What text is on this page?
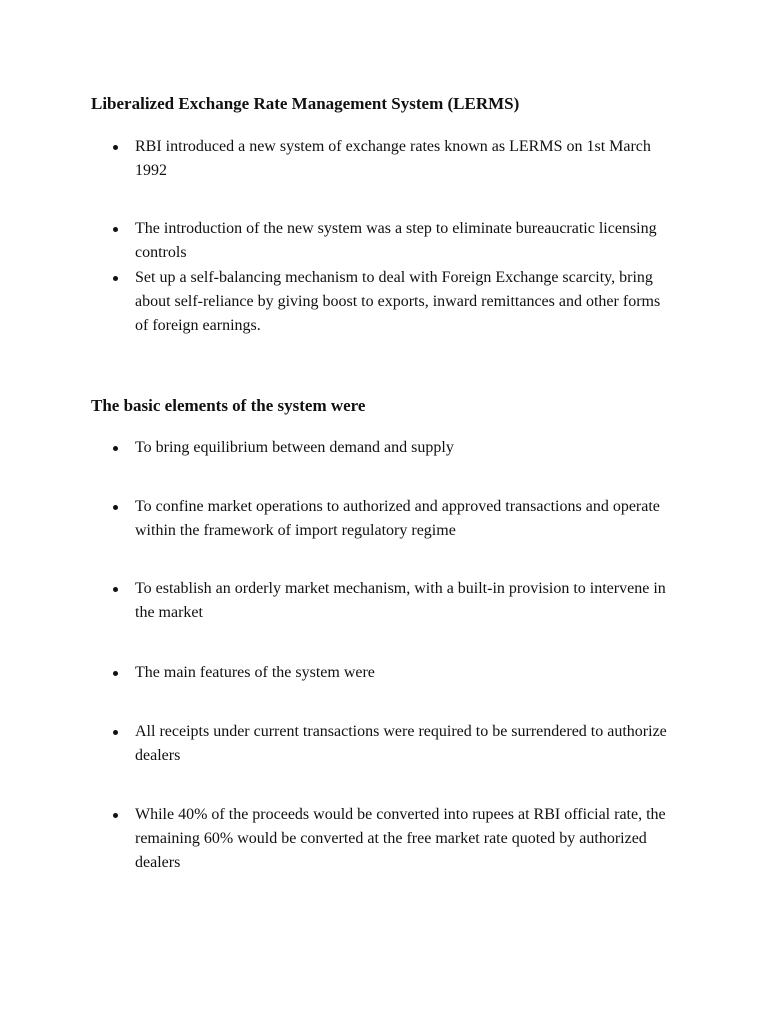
Liberalized Exchange Rate Management System (LERMS)
RBI introduced a new system of exchange rates known as LERMS on 1st March 1992
The introduction of the new system was a step to eliminate bureaucratic licensing controls
Set up a self-balancing mechanism to deal with Foreign Exchange scarcity, bring about self-reliance by giving boost to exports, inward remittances and other forms of foreign earnings.
The basic elements of the system were
To bring equilibrium between demand and supply
To confine market operations to authorized and approved transactions and operate within the framework of import regulatory regime
To establish an orderly market mechanism, with a built-in provision to intervene in the market
The main features of the system were
All receipts under current transactions were required to be surrendered to authorize dealers
While 40% of the proceeds would be converted into rupees at RBI official rate, the remaining 60% would be converted at the free market rate quoted by authorized dealers
